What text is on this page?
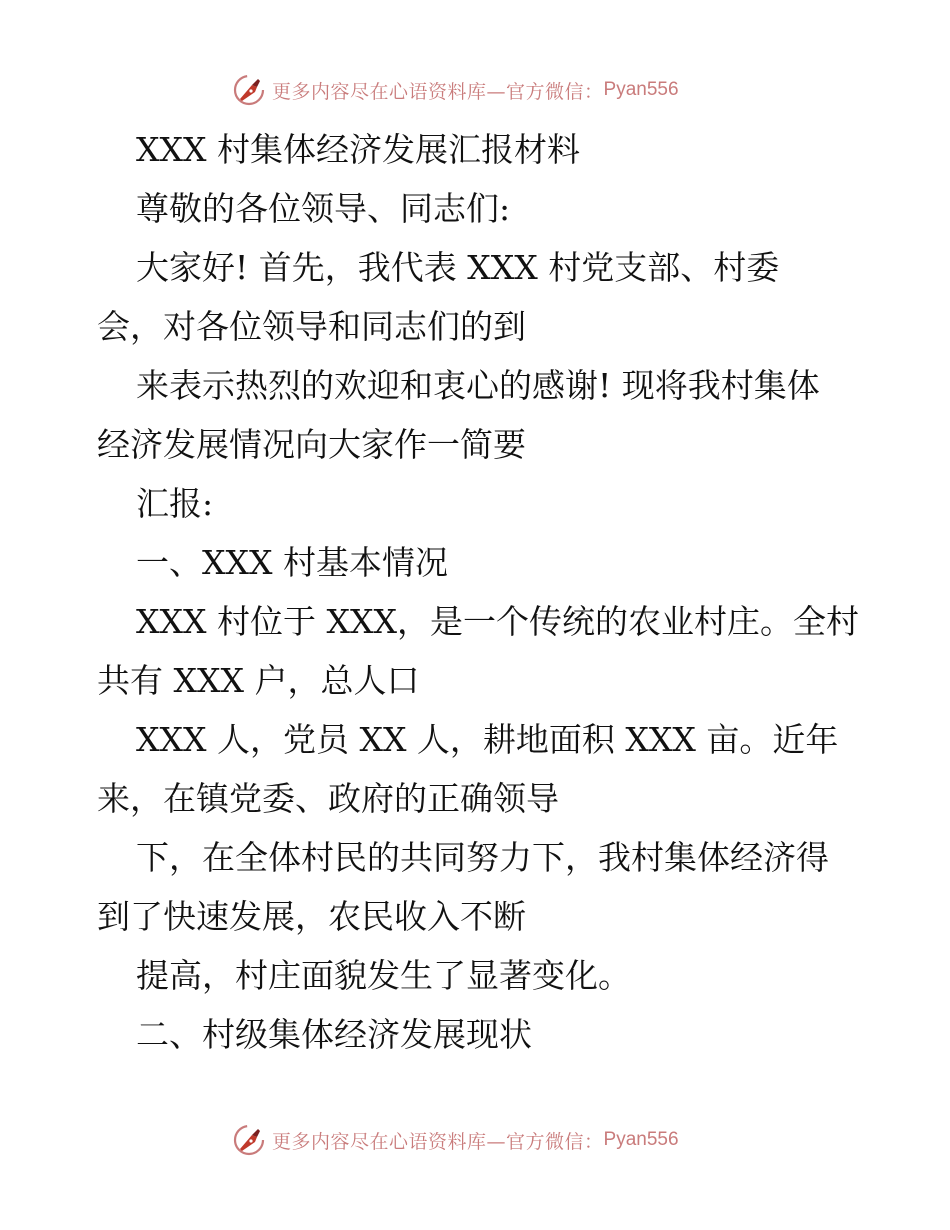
更多内容尽在心语资料库—官方微信： Pyan556
XXX 村集体经济发展汇报材料
尊敬的各位领导、同志们:
大家好! 首先，我代表 XXX 村党支部、村委
会，对各位领导和同志们的到
来表示热烈的欢迎和衷心的感谢! 现将我村集体
经济发展情况向大家作一简要
汇报:
一、XXX 村基本情况
XXX 村位于 XXX，是一个传统的农业村庄。全村
共有 XXX 户，总人口
XXX 人，党员 XX 人，耕地面积 XXX 亩。近年
来，在镇党委、政府的正确领导
下，在全体村民的共同努力下，我村集体经济得
到了快速发展，农民收入不断
提高，村庄面貌发生了显著变化。
二、村级集体经济发展现状
更多内容尽在心语资料库—官方微信： Pyan556
